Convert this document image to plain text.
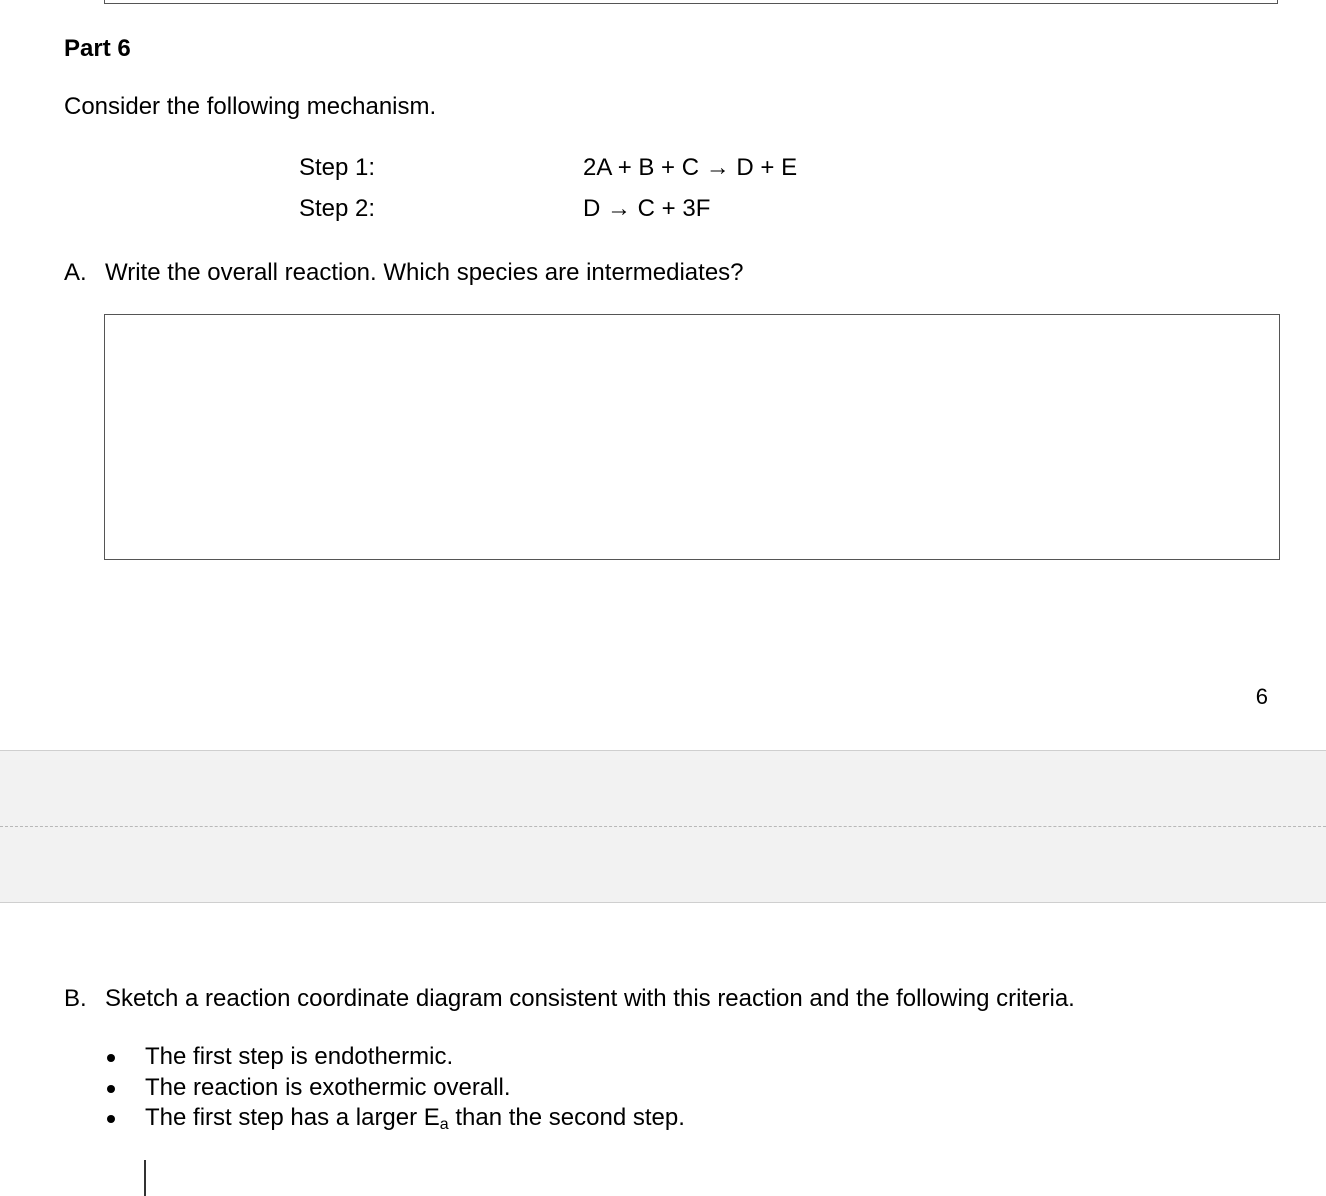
Part 6
Consider the following mechanism.
Step 1:	2A + B + C → D + E
Step 2:	D → C + 3F
A. Write the overall reaction. Which species are intermediates?
6
B. Sketch a reaction coordinate diagram consistent with this reaction and the following criteria.
The first step is endothermic.
The reaction is exothermic overall.
The first step has a larger $E_a$ than the second step.
